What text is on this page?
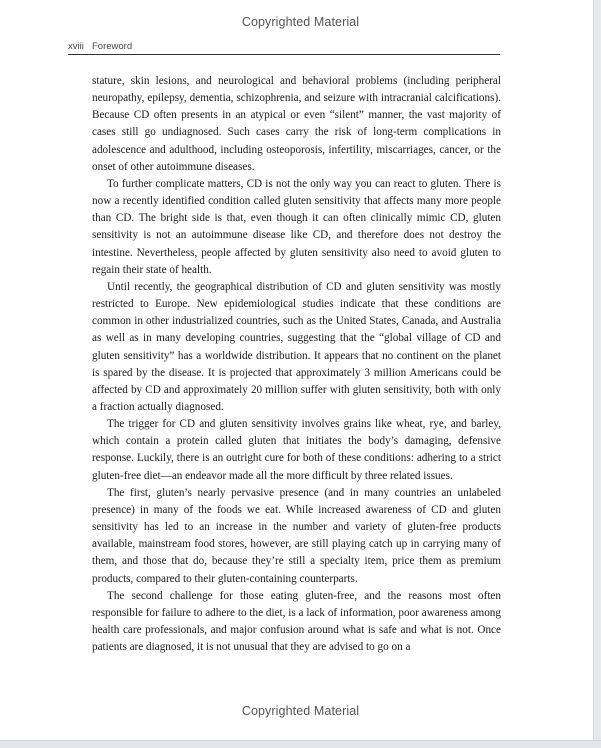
Copyrighted Material
xviii Foreword

stature, skin lesions, and neurological and behavioral problems (including peripheral neuropathy, epilepsy, dementia, schizophrenia, and seizure with intracranial calcifications). Because CD often presents in an atypical or even “silent” manner, the vast majority of cases still go undiagnosed. Such cases carry the risk of long-term complications in adolescence and adulthood, including osteoporosis, infertility, miscarriages, cancer, or the onset of other autoimmune diseases.

To further complicate matters, CD is not the only way you can react to gluten. There is now a recently identified condition called gluten sensitivity that affects many more people than CD. The bright side is that, even though it can often clinically mimic CD, gluten sensitivity is not an autoimmune disease like CD, and therefore does not destroy the intestine. Nevertheless, people affected by gluten sensitivity also need to avoid gluten to regain their state of health.

Until recently, the geographical distribution of CD and gluten sensitivity was mostly restricted to Europe. New epidemiological studies indicate that these conditions are common in other industrialized countries, such as the United States, Canada, and Australia as well as in many developing countries, suggesting that the “global village of CD and gluten sensitivity” has a worldwide distribution. It appears that no continent on the planet is spared by the disease. It is projected that approximately 3 million Americans could be affected by CD and approximately 20 million suffer with gluten sensitivity, both with only a fraction actually diagnosed.

The trigger for CD and gluten sensitivity involves grains like wheat, rye, and barley, which contain a protein called gluten that initiates the body’s damaging, defensive response. Luckily, there is an outright cure for both of these conditions: adhering to a strict gluten-free diet—an endeavor made all the more difficult by three related issues.

The first, gluten’s nearly pervasive presence (and in many countries an unlabeled presence) in many of the foods we eat. While increased awareness of CD and gluten sensitivity has led to an increase in the number and variety of gluten-free products available, mainstream food stores, however, are still playing catch up in carrying many of them, and those that do, because they’re still a specialty item, price them as premium products, compared to their gluten-containing counterparts.

The second challenge for those eating gluten-free, and the reasons most often responsible for failure to adhere to the diet, is a lack of information, poor awareness among health care professionals, and major confusion around what is safe and what is not. Once patients are diagnosed, it is not unusual that they are advised to go on a

Copyrighted Material
